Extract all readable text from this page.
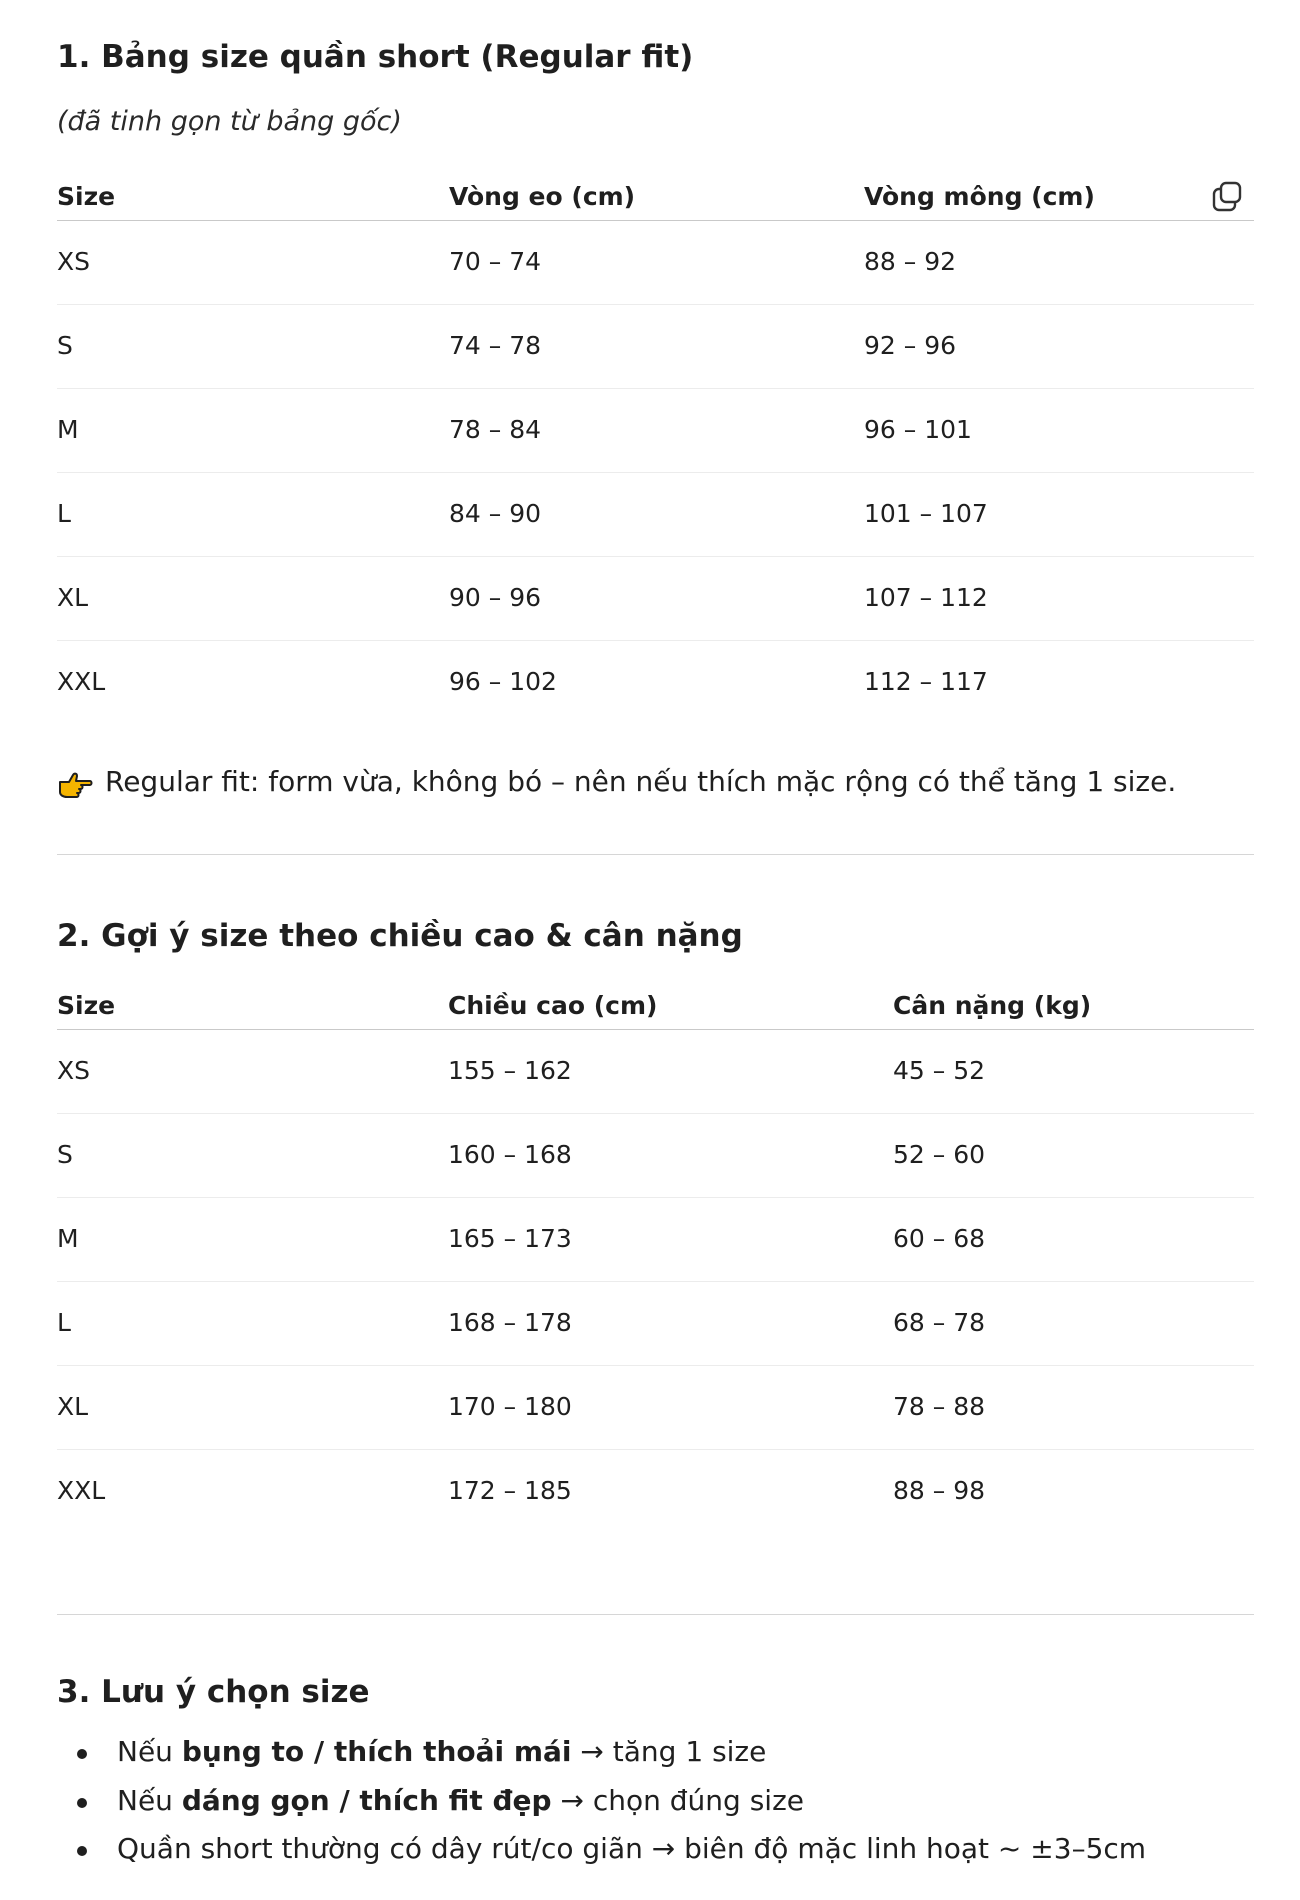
1. Bảng size quần short (Regular fit)
(đã tinh gọn từ bảng gốc)
Size	Vòng eo (cm)	Vòng mông (cm)
XS	70 – 74	88 – 92
S	74 – 78	92 – 96
M	78 – 84	96 – 101
L	84 – 90	101 – 107
XL	90 – 96	107 – 112
XXL	96 – 102	112 – 117
Regular fit: form vừa, không bó – nên nếu thích mặc rộng có thể tăng 1 size.
2. Gợi ý size theo chiều cao & cân nặng
Size	Chiều cao (cm)	Cân nặng (kg)
XS	155 – 162	45 – 52
S	160 – 168	52 – 60
M	165 – 173	60 – 68
L	168 – 178	68 – 78
XL	170 – 180	78 – 88
XXL	172 – 185	88 – 98
3. Lưu ý chọn size
Nếu bụng to / thích thoải mái → tăng 1 size
Nếu dáng gọn / thích fit đẹp → chọn đúng size
Quần short thường có dây rút/co giãn → biên độ mặc linh hoạt ~ ±3–5cm
